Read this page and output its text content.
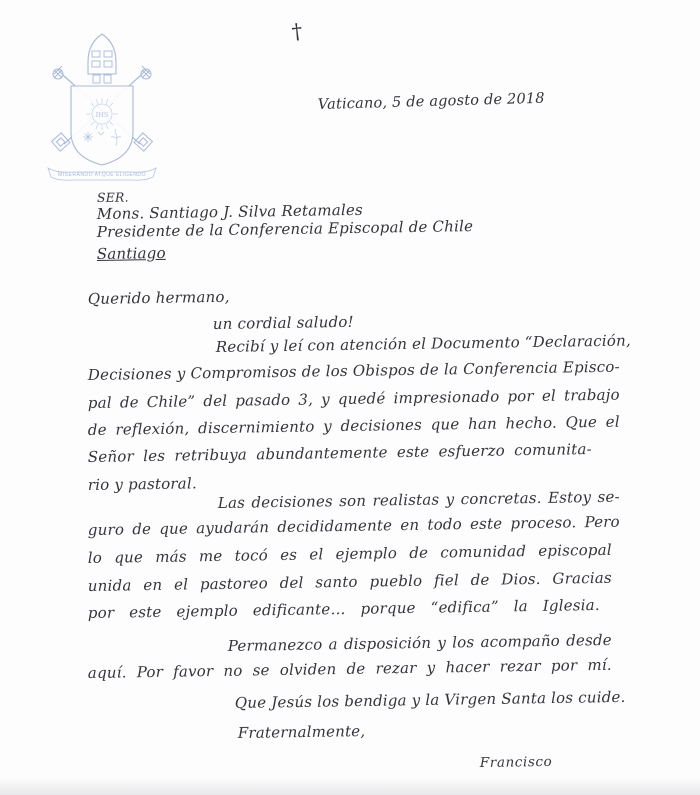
IHS
MISERANDO ATQUE ELIGENDO
†
Vaticano, 5 de agosto de 2018
SER.
Mons. Santiago J. Silva Retamales
Presidente de la Conferencia Episcopal de Chile
Santiago
Querido hermano,
un cordial saludo!
Recibí y leí con atención el Documento “Declaración,
Decisiones y Compromisos de los Obispos de la Conferencia Episco-
pal de Chile” del pasado 3, y quedé impresionado por el trabajo
de reflexión, discernimiento y decisiones que han hecho. Que el
Señor les retribuya abundantemente este esfuerzo comunita-
rio y pastoral.
Las decisiones son realistas y concretas. Estoy se-
guro de que ayudarán decididamente en todo este proceso. Pero
lo que más me tocó es el ejemplo de comunidad episcopal
unida en el pastoreo del santo pueblo fiel de Dios. Gracias
por este ejemplo edificante… porque “edifica” la Iglesia.
Permanezco a disposición y los acompaño desde
aquí. Por favor no se olviden de rezar y hacer rezar por mí.
Que Jesús los bendiga y la Virgen Santa los cuide.
Fraternalmente,
Francisco
